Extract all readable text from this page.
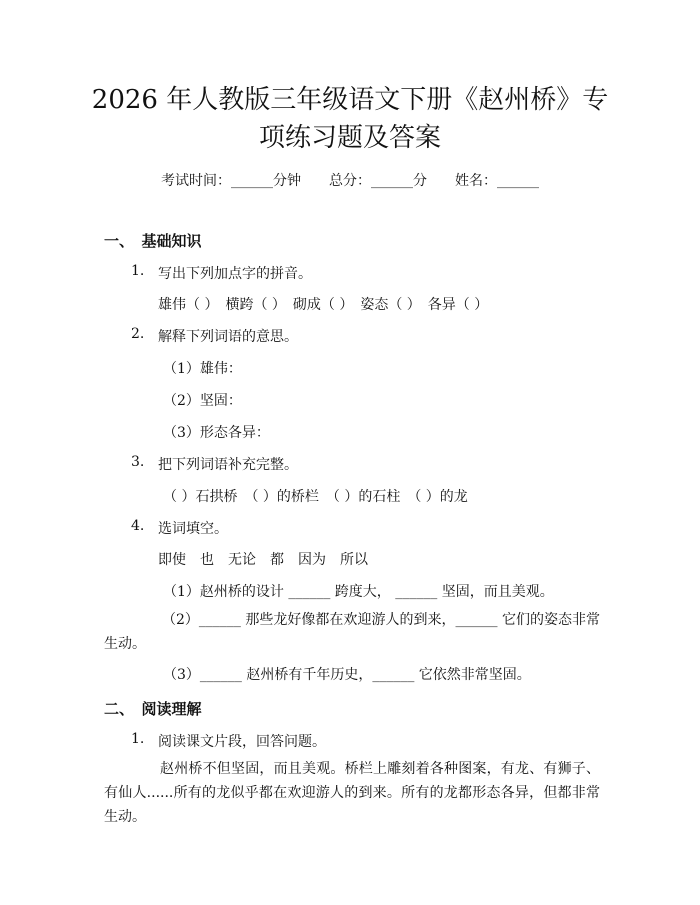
2026 年人教版三年级语文下册《赵州桥》专
项练习题及答案
考试时间：______分钟　　总分：______分　　姓名：______
一、　基础知识
1. 写出下列加点字的拼音。
雄伟（ ）　横跨（ ）　砌成（ ）　姿态（ ）　各异（ ）
2. 解释下列词语的意思。
（1）雄伟：
（2）坚固：
（3）形态各异：
3. 把下列词语补充完整。
（ ）石拱桥　（ ）的桥栏　（ ）的石柱　（ ）的龙
4. 选词填空。
即使　也　无论　都　因为　所以
（1）赵州桥的设计 ______ 跨度大， ______ 坚固，而且美观。
（2）______ 那些龙好像都在欢迎游人的到来，______ 它们的姿态非常生动。
（3）______ 赵州桥有千年历史，______ 它依然非常坚固。
二、　阅读理解
1. 阅读课文片段，回答问题。
赵州桥不但坚固，而且美观。桥栏上雕刻着各种图案，有龙、有狮子、有仙人......所有的龙似乎都在欢迎游人的到来。所有的龙都形态各异，但都非常生动。
